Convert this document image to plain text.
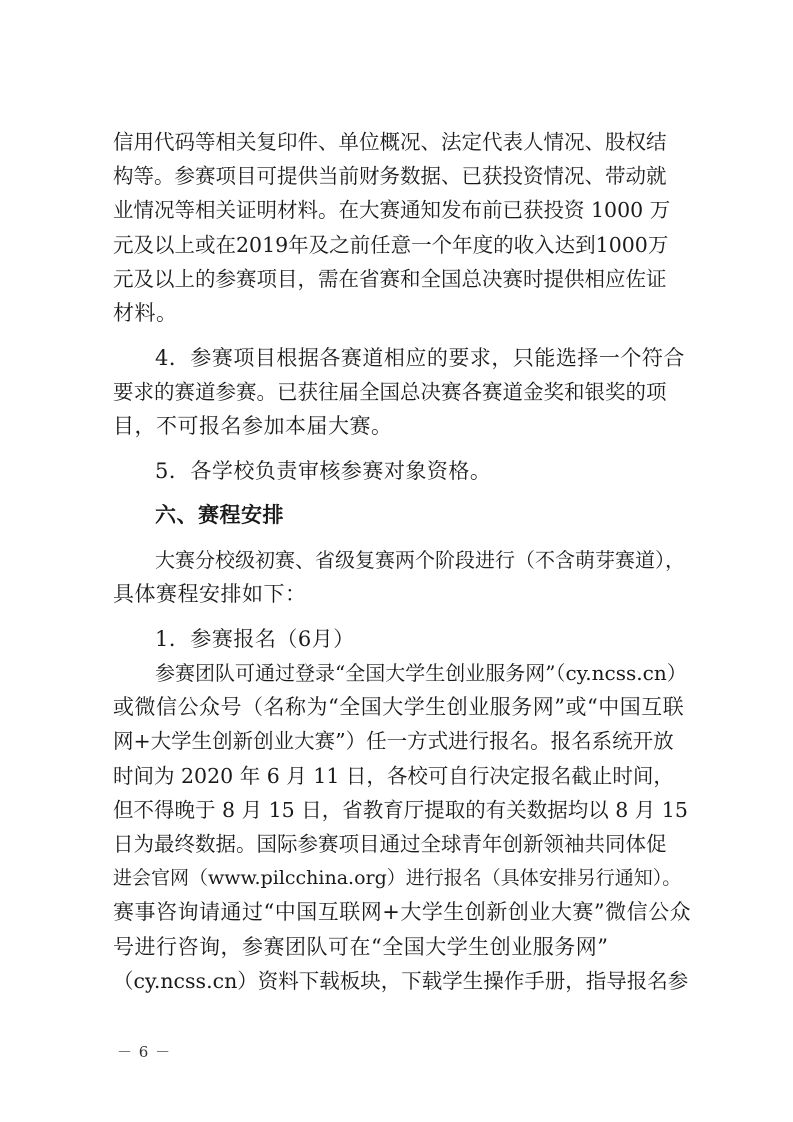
信用代码等相关复印件、单位概况、法定代表人情况、股权结
构等。参赛项目可提供当前财务数据、已获投资情况、带动就
业情况等相关证明材料。在大赛通知发布前已获投资 1000 万
元及以上或在2019年及之前任意一个年度的收入达到1000万
元及以上的参赛项目，需在省赛和全国总决赛时提供相应佐证
材料。
4．参赛项目根据各赛道相应的要求，只能选择一个符合
要求的赛道参赛。已获往届全国总决赛各赛道金奖和银奖的项
目，不可报名参加本届大赛。
5．各学校负责审核参赛对象资格。
六、赛程安排
大赛分校级初赛、省级复赛两个阶段进行（不含萌芽赛道），
具体赛程安排如下：
1．参赛报名（6月）
参赛团队可通过登录“全国大学生创业服务网”（cy.ncss.cn）
或微信公众号（名称为“全国大学生创业服务网”或“中国互联
网+大学生创新创业大赛”）任一方式进行报名。报名系统开放
时间为 2020 年 6 月 11 日，各校可自行决定报名截止时间，
但不得晚于 8 月 15 日，省教育厅提取的有关数据均以 8 月 15
日为最终数据。国际参赛项目通过全球青年创新领袖共同体促
进会官网（www.pilcchina.org）进行报名（具体安排另行通知）。
赛事咨询请通过“中国互联网+大学生创新创业大赛”微信公众
号进行咨询，参赛团队可在“全国大学生创业服务网”
（cy.ncss.cn）资料下载板块，下载学生操作手册，指导报名参
－ 6 －
